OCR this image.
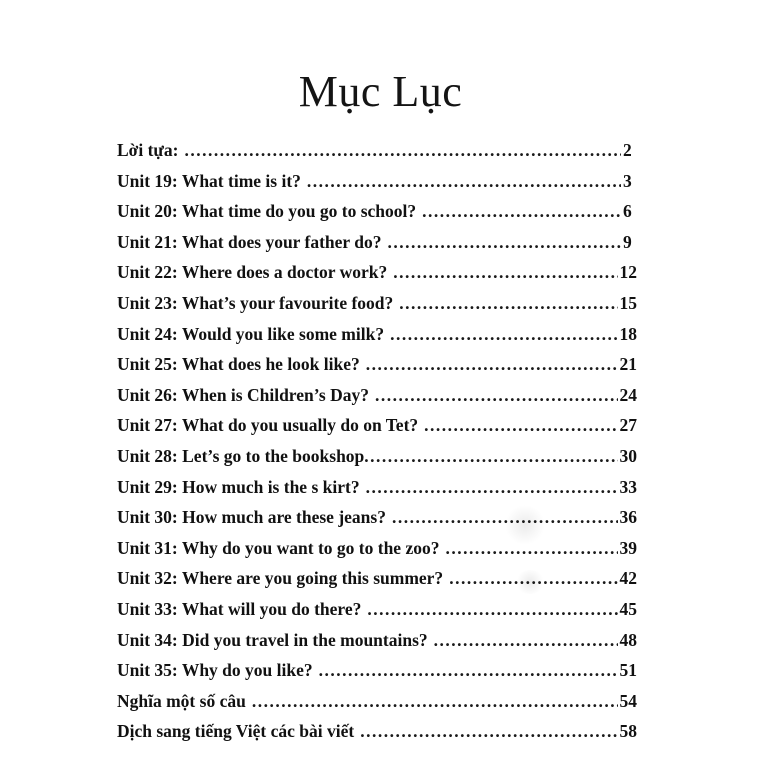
Mục Lục
Lời tựa: .....	2
Unit 19: What time is it? .....	3
Unit 20: What time do you go to school? .....	6
Unit 21: What does your father do? .....	9
Unit 22: Where does a doctor work? .....	12
Unit 23: What’s your favourite food? .....	15
Unit 24: Would you like some milk? .....	18
Unit 25: What does he look like? .....	21
Unit 26: When is Children’s Day? .....	24
Unit 27: What do you usually do on Tet? .....	27
Unit 28: Let’s go to the bookshop .....	30
Unit 29: How much is the s kirt? .....	33
Unit 30: How much are these jeans? .....	36
Unit 31: Why do you want to go to the zoo? .....	39
Unit 32: Where are you going this summer? .....	42
Unit 33: What will you do there? .....	45
Unit 34: Did you travel in the mountains? .....	48
Unit 35: Why do you like? .....	51
Nghĩa một số câu .....	54
Dịch sang tiếng Việt các bài viết .....	58
